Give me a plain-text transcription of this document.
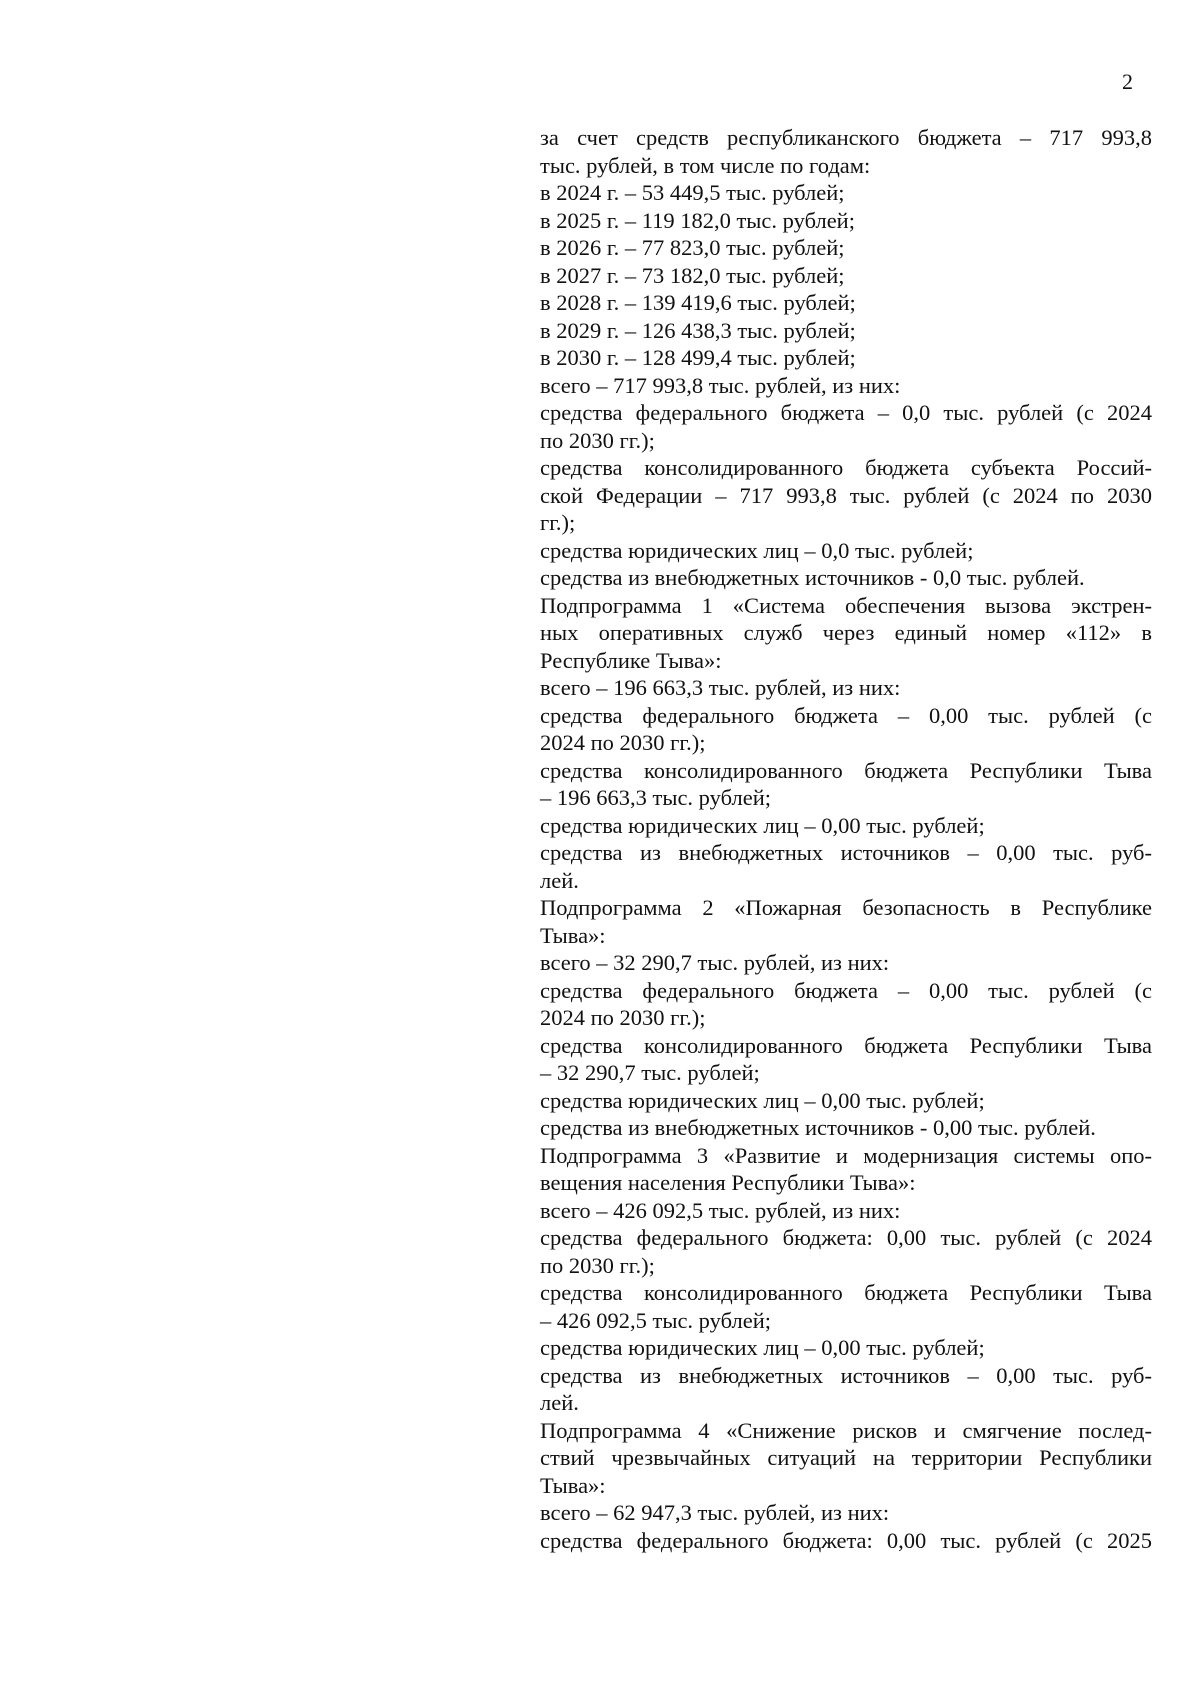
2
за счет средств республиканского бюджета – 717 993,8
тыс. рублей, в том числе по годам:
в 2024 г. – 53 449,5 тыс. рублей;
в 2025 г. – 119 182,0 тыс. рублей;
в 2026 г. – 77 823,0 тыс. рублей;
в 2027 г. – 73 182,0 тыс. рублей;
в 2028 г. – 139 419,6 тыс. рублей;
в 2029 г. – 126 438,3 тыс. рублей;
в 2030 г. – 128 499,4 тыс. рублей;
всего – 717 993,8 тыс. рублей, из них:
средства федерального бюджета – 0,0 тыс. рублей (с 2024
по 2030 гг.);
средства консолидированного бюджета субъекта Россий-
ской Федерации – 717 993,8 тыс. рублей (с 2024 по 2030
гг.);
средства юридических лиц – 0,0 тыс. рублей;
средства из внебюджетных источников - 0,0 тыс. рублей.
Подпрограмма 1 «Система обеспечения вызова экстрен-
ных оперативных служб через единый номер «112» в
Республике Тыва»:
всего – 196 663,3 тыс. рублей, из них:
средства федерального бюджета – 0,00 тыс. рублей (с
2024 по 2030 гг.);
средства консолидированного бюджета Республики Тыва
– 196 663,3 тыс. рублей;
средства юридических лиц – 0,00 тыс. рублей;
средства из внебюджетных источников – 0,00 тыс. руб-
лей.
Подпрограмма 2 «Пожарная безопасность в Республике
Тыва»:
всего – 32 290,7 тыс. рублей, из них:
средства федерального бюджета – 0,00 тыс. рублей (с
2024 по 2030 гг.);
средства консолидированного бюджета Республики Тыва
– 32 290,7 тыс. рублей;
средства юридических лиц – 0,00 тыс. рублей;
средства из внебюджетных источников - 0,00 тыс. рублей.
Подпрограмма 3 «Развитие и модернизация системы опо-
вещения населения Республики Тыва»:
всего – 426 092,5 тыс. рублей, из них:
средства федерального бюджета: 0,00 тыс. рублей (с 2024
по 2030 гг.);
средства консолидированного бюджета Республики Тыва
– 426 092,5 тыс. рублей;
средства юридических лиц – 0,00 тыс. рублей;
средства из внебюджетных источников – 0,00 тыс. руб-
лей.
Подпрограмма 4 «Снижение рисков и смягчение послед-
ствий чрезвычайных ситуаций на территории Республики
Тыва»:
всего – 62 947,3 тыс. рублей, из них:
средства федерального бюджета: 0,00 тыс. рублей (с 2025
